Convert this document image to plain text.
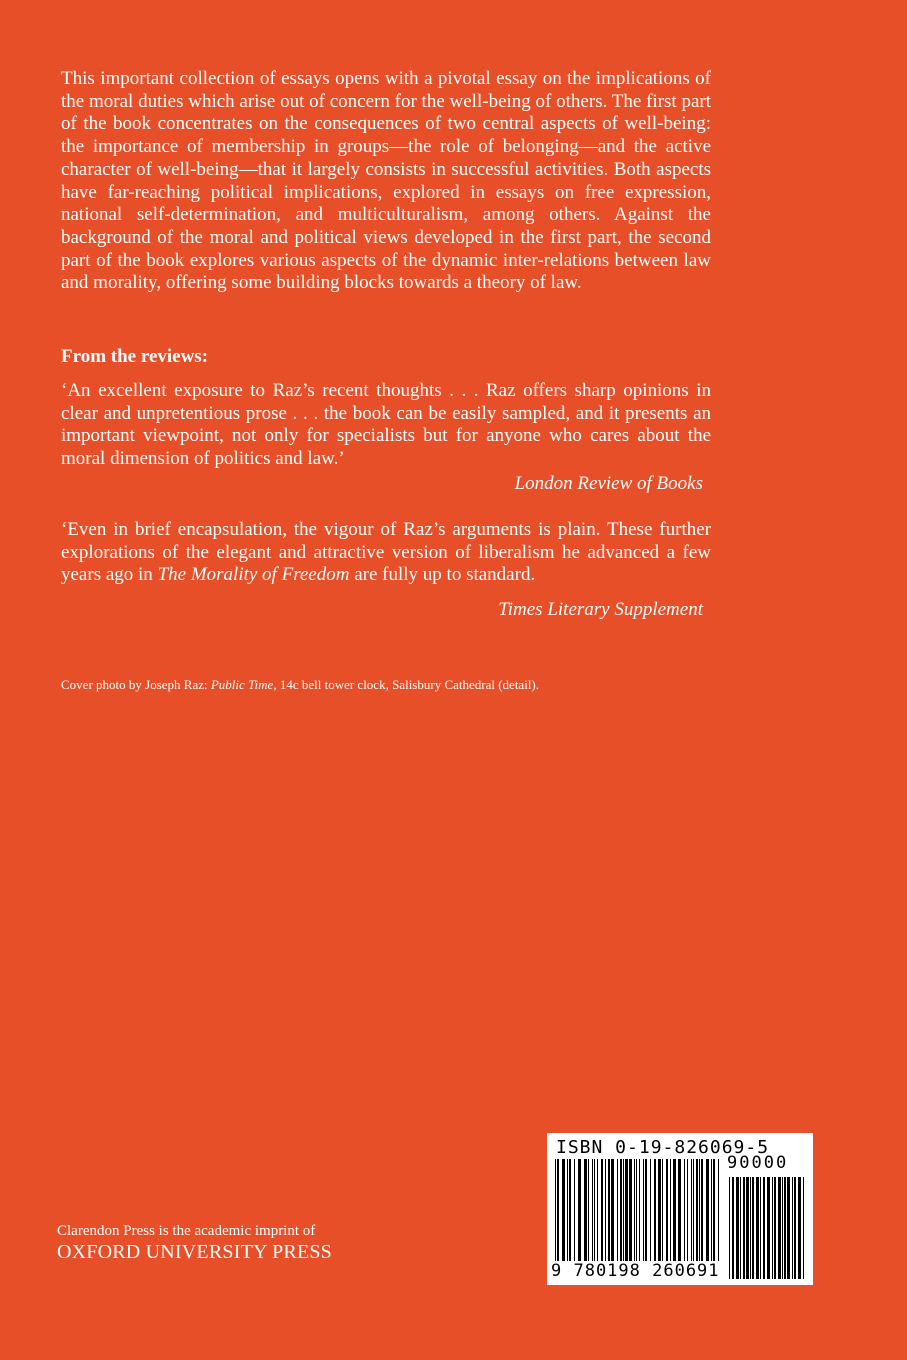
This important collection of essays opens with a pivotal essay on the implications of the moral duties which arise out of concern for the well-being of others. The first part of the book concentrates on the consequences of two central aspects of well-being: the importance of membership in groups—the role of belonging—and the active character of well-being—that it largely consists in successful activities. Both aspects have far-reaching political implications, explored in essays on free expression, national self-determination, and multiculturalism, among others. Against the background of the moral and political views developed in the first part, the second part of the book explores various aspects of the dynamic inter-relations between law and morality, offering some building blocks towards a theory of law.

From the reviews:

‘An excellent exposure to Raz’s recent thoughts . . . Raz offers sharp opinions in clear and unpretentious prose . . . the book can be easily sampled, and it presents an important viewpoint, not only for specialists but for anyone who cares about the moral dimension of politics and law.’

London Review of Books

‘Even in brief encapsulation, the vigour of Raz’s arguments is plain. These further explorations of the elegant and attractive version of liberalism he advanced a few years ago in The Morality of Freedom are fully up to standard.

Times Literary Supplement

Cover photo by Joseph Raz: Public Time, 14c bell tower clock, Salisbury Cathedral (detail).

Clarendon Press is the academic imprint of

OXFORD UNIVERSITY PRESS

ISBN 0-19-826069-5

90000

9 780198 260691
